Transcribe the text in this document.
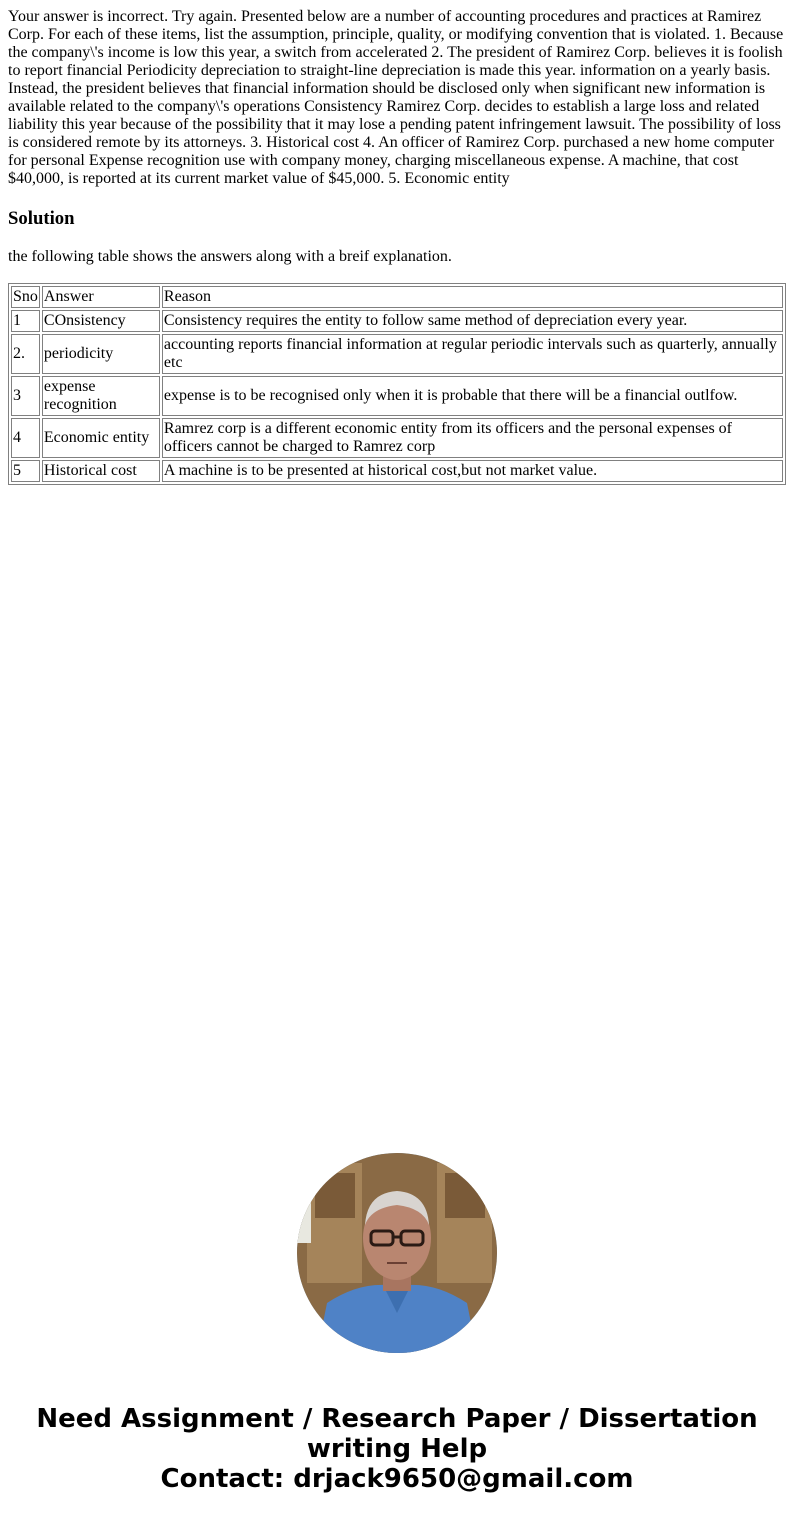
Your answer is incorrect. Try again. Presented below are a number of accounting procedures and practices at Ramirez Corp. For each of these items, list the assumption, principle, quality, or modifying convention that is violated. 1. Because the company\'s income is low this year, a switch from accelerated 2. The president of Ramirez Corp. believes it is foolish to report financial Periodicity depreciation to straight-line depreciation is made this year. information on a yearly basis. Instead, the president believes that financial information should be disclosed only when significant new information is available related to the company\'s operations Consistency Ramirez Corp. decides to establish a large loss and related liability this year because of the possibility that it may lose a pending patent infringement lawsuit. The possibility of loss is considered remote by its attorneys. 3. Historical cost 4. An officer of Ramirez Corp. purchased a new home computer for personal Expense recognition use with company money, charging miscellaneous expense. A machine, that cost $40,000, is reported at its current market value of $45,000. 5. Economic entity

Solution

the following table shows the answers along with a breif explanation.

Sno	Answer	Reason
1	COnsistency	Consistency requires the entity to follow same method of depreciation every year.
2.	periodicity	accounting reports financial information at regular periodic intervals such as quarterly, annually etc
3	expense recognition	expense is to be recognised only when it is probable that there will be a financial outlfow.
4	Economic entity	Ramrez corp is a different economic entity from its officers and the personal expenses of officers cannot be charged to Ramrez corp
5	Historical cost	A machine is to be presented at historical cost,but not market value.
Need Assignment / Research Paper / Dissertation
writing Help
Contact: drjack9650@gmail.com
